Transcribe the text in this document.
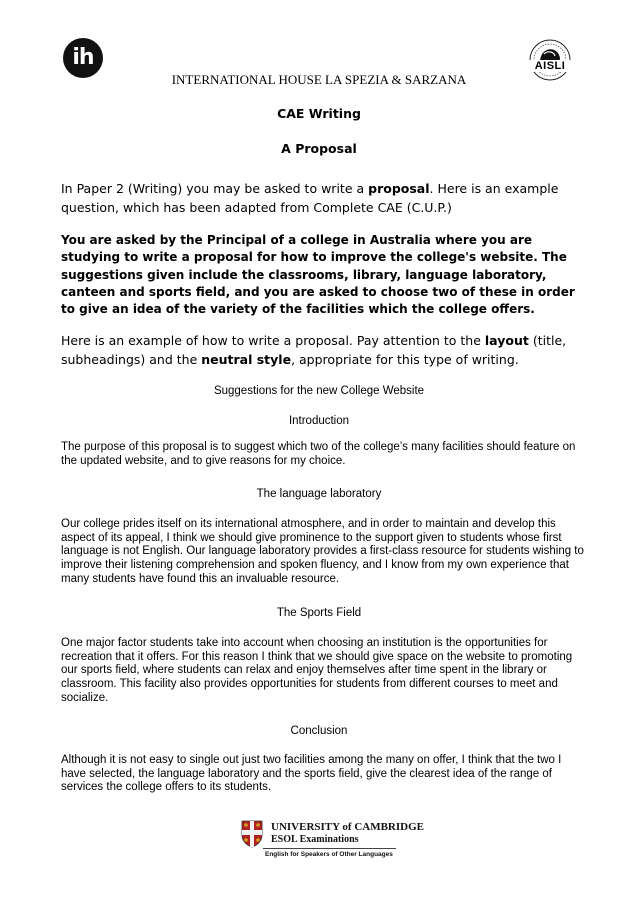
ih	AISLI
INTERNATIONAL HOUSE LA SPEZIA & SARZANA
CAE Writing
A Proposal
In Paper 2 (Writing) you may be asked to write a proposal. Here is an example question, which has been adapted from Complete CAE (C.U.P.)
You are asked by the Principal of a college in Australia where you are studying to write a proposal for how to improve the college's website. The suggestions given include the classrooms, library, language laboratory, canteen and sports field, and you are asked to choose two of these in order to give an idea of the variety of the facilities which the college offers.
Here is an example of how to write a proposal. Pay attention to the layout (title, subheadings) and the neutral style, appropriate for this type of writing.
Suggestions for the new College Website
Introduction
The purpose of this proposal is to suggest which two of the college’s many facilities should feature on the updated website, and to give reasons for my choice.
The language laboratory
Our college prides itself on its international atmosphere, and in order to maintain and develop this aspect of its appeal, I think we should give prominence to the support given to students whose first language is not English. Our language laboratory provides a first-class resource for students wishing to improve their listening comprehension and spoken fluency, and I know from my own experience that many students have found this an invaluable resource.
The Sports Field
One major factor students take into account when choosing an institution is the opportunities for recreation that it offers. For this reason I think that we should give space on the website to promoting our sports field, where students can relax and enjoy themselves after time spent in the library or classroom. This facility also provides opportunities for students from different courses to meet and socialize.
Conclusion
Although it is not easy to single out just two facilities among the many on offer, I think that the two I have selected, the language laboratory and the sports field, give the clearest idea of the range of services the college offers to its students.
UNIVERSITY of CAMBRIDGE
ESOL Examinations
English for Speakers of Other Languages
